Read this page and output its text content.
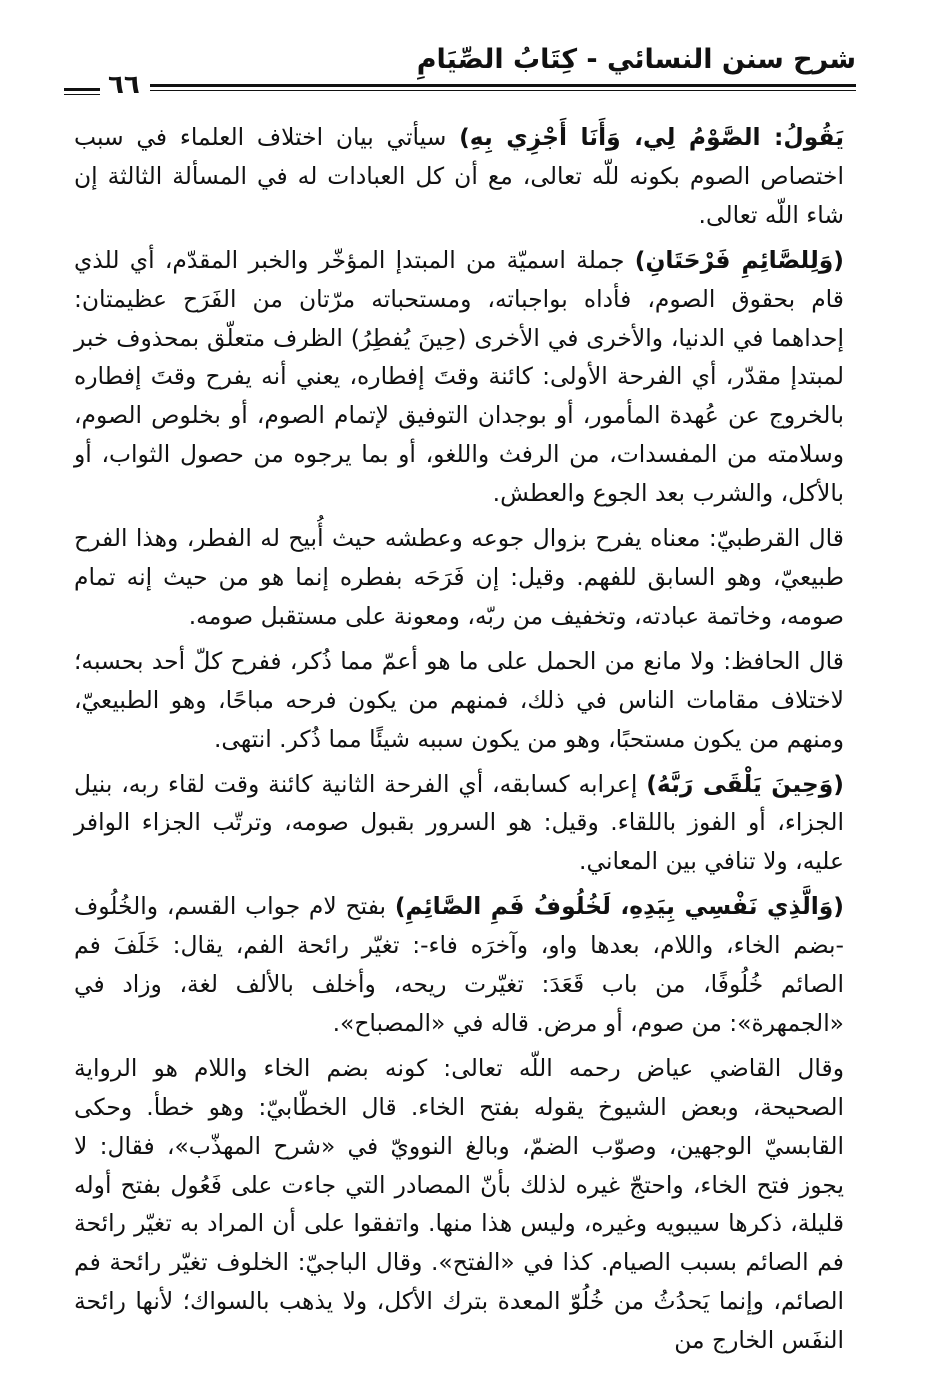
شرح سنن النسائي - كِتَابُ الصِّيَامِ
٦٦

يَقُولُ: الصَّوْمُ لِي، وَأَنَا أَجْزِي بِهِ) سيأتي بيان اختلاف العلماء في سبب اختصاص الصوم بكونه للّه تعالى، مع أن كل العبادات له في المسألة الثالثة إن شاء اللّه تعالى.

(وَلِلصَّائِمِ فَرْحَتَانِ) جملة اسميّة من المبتدإ المؤخّر والخبر المقدّم، أي للذي قام بحقوق الصوم، فأداه بواجباته، ومستحباته مرّتان من الفَرَح عظيمتان: إحداهما في الدنيا، والأخرى في الأخرى (حِينَ يُفطِرُ) الظرف متعلّق بمحذوف خبر لمبتدإ مقدّر، أي الفرحة الأولى: كائنة وقتَ إفطاره، يعني أنه يفرح وقتَ إفطاره بالخروج عن عُهدة المأمور، أو بوجدان التوفيق لإتمام الصوم، أو بخلوص الصوم، وسلامته من المفسدات، من الرفث واللغو، أو بما يرجوه من حصول الثواب، أو بالأكل، والشرب بعد الجوع والعطش.

قال القرطبيّ: معناه يفرح بزوال جوعه وعطشه حيث أُبيح له الفطر، وهذا الفرح طبيعيّ، وهو السابق للفهم. وقيل: إن فَرَحَه بفطره إنما هو من حيث إنه تمام صومه، وخاتمة عبادته، وتخفيف من ربّه، ومعونة على مستقبل صومه.

قال الحافظ: ولا مانع من الحمل على ما هو أعمّ مما ذُكر، ففرح كلّ أحد بحسبه؛ لاختلاف مقامات الناس في ذلك، فمنهم من يكون فرحه مباحًا، وهو الطبيعيّ، ومنهم من يكون مستحبًا، وهو من يكون سببه شيئًا مما ذُكر. انتهى.

(وَحِينَ يَلْقَى رَبَّهُ) إعرابه كسابقه، أي الفرحة الثانية كائنة وقت لقاء ربه، بنيل الجزاء، أو الفوز باللقاء. وقيل: هو السرور بقبول صومه، وترتّب الجزاء الوافر عليه، ولا تنافي بين المعاني.

(وَالَّذِي نَفْسِي بِيَدِهِ، لَخُلُوفُ فَمِ الصَّائِمِ) بفتح لام جواب القسم، والخُلُوف -بضم الخاء، واللام، بعدها واو، وآخرَه فاء-: تغيّر رائحة الفم، يقال: خَلَفَ فم الصائم خُلُوفًا، من باب قَعَدَ: تغيّرت ريحه، وأخلف بالألف لغة، وزاد في «الجمهرة»: من صوم، أو مرض. قاله في «المصباح».

وقال القاضي عياض رحمه اللّه تعالى: كونه بضم الخاء واللام هو الرواية الصحيحة، وبعض الشيوخ يقوله بفتح الخاء. قال الخطّابيّ: وهو خطأ. وحكى القابسيّ الوجهين، وصوّب الضمّ، وبالغ النوويّ في «شرح المهذّب»، فقال: لا يجوز فتح الخاء، واحتجّ غيره لذلك بأنّ المصادر التي جاءت على فَعُول بفتح أوله قليلة، ذكرها سيبويه وغيره، وليس هذا منها. واتفقوا على أن المراد به تغيّر رائحة فم الصائم بسبب الصيام. كذا في «الفتح». وقال الباجيّ: الخلوف تغيّر رائحة فم الصائم، وإنما يَحدُثُ من خُلُوّ المعدة بترك الأكل، ولا يذهب بالسواك؛ لأنها رائحة النفَس الخارج من
